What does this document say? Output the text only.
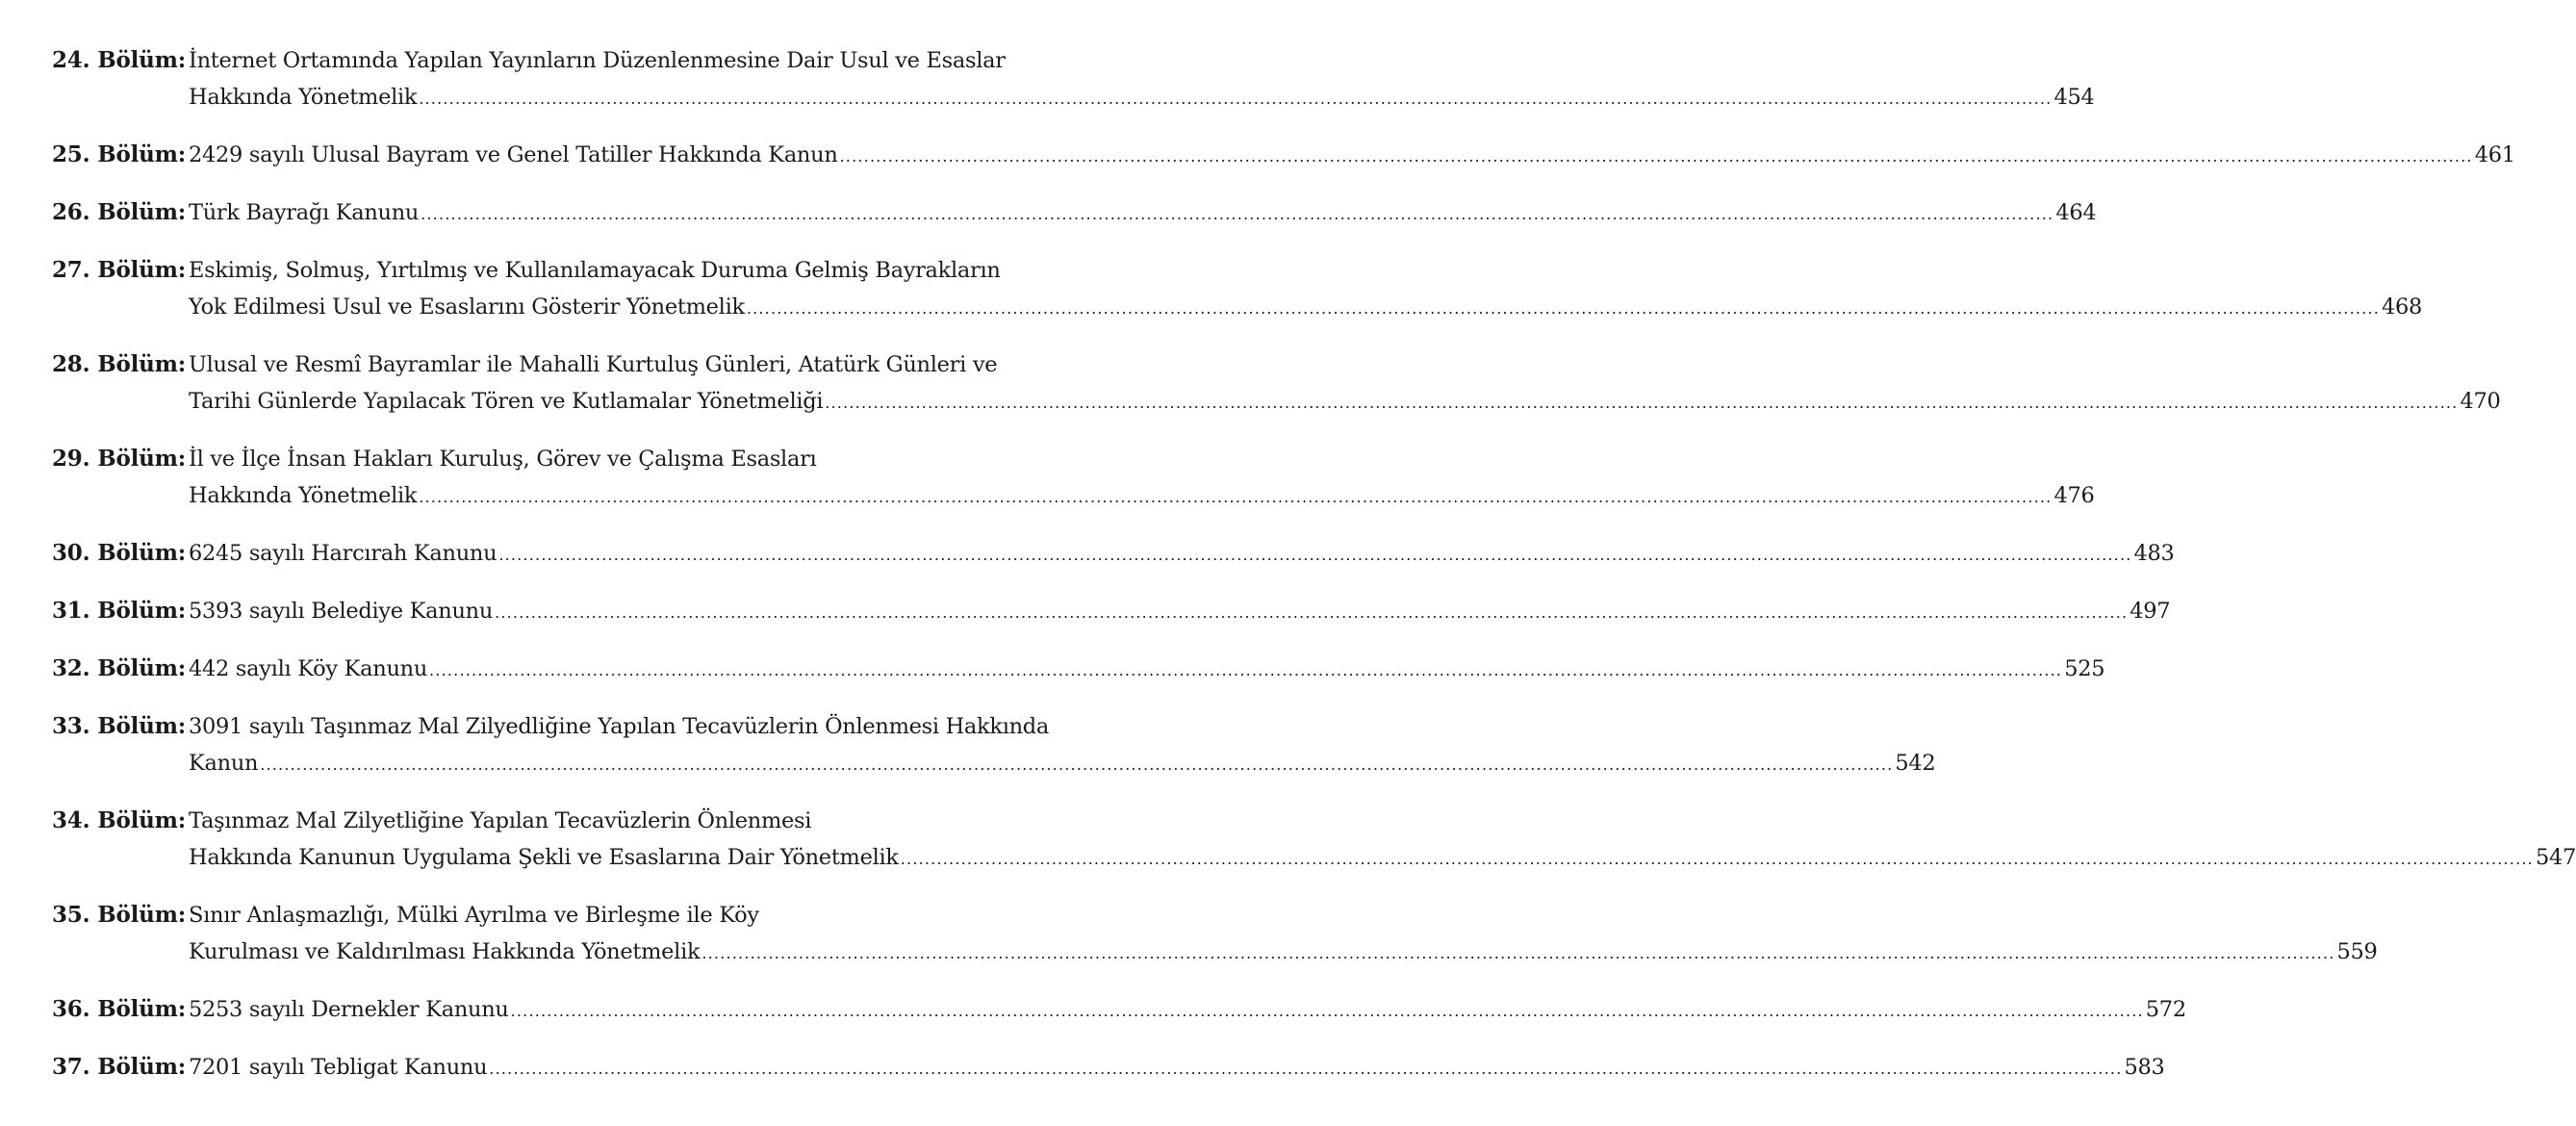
24. Bölüm: İnternet Ortamında Yapılan Yayınların Düzenlenmesine Dair Usul ve Esaslar
Hakkında Yönetmelik .....	454
25. Bölüm: 2429 sayılı Ulusal Bayram ve Genel Tatiller Hakkında Kanun .....	461
26. Bölüm: Türk Bayrağı Kanunu .....	464
27. Bölüm: Eskimiş, Solmuş, Yırtılmış ve Kullanılamayacak Duruma Gelmiş Bayrakların
Yok Edilmesi Usul ve Esaslarını Gösterir Yönetmelik .....	468
28. Bölüm: Ulusal ve Resmî Bayramlar ile Mahalli Kurtuluş Günleri, Atatürk Günleri ve
Tarihi Günlerde Yapılacak Tören ve Kutlamalar Yönetmeliği .....	470
29. Bölüm: İl ve İlçe İnsan Hakları Kuruluş, Görev ve Çalışma Esasları
Hakkında Yönetmelik .....	476
30. Bölüm: 6245 sayılı Harcırah Kanunu .....	483
31. Bölüm: 5393 sayılı Belediye Kanunu .....	497
32. Bölüm: 442 sayılı Köy Kanunu .....	525
33. Bölüm: 3091 sayılı Taşınmaz Mal Zilyedliğine Yapılan Tecavüzlerin Önlenmesi Hakkında
Kanun .....	542
34. Bölüm: Taşınmaz Mal Zilyetliğine Yapılan Tecavüzlerin Önlenmesi
Hakkında Kanunun Uygulama Şekli ve Esaslarına Dair Yönetmelik .....	547
35. Bölüm: Sınır Anlaşmazlığı, Mülki Ayrılma ve Birleşme ile Köy
Kurulması ve Kaldırılması Hakkında Yönetmelik .....	559
36. Bölüm: 5253 sayılı Dernekler Kanunu .....	572
37. Bölüm: 7201 sayılı Tebligat Kanunu .....	583
